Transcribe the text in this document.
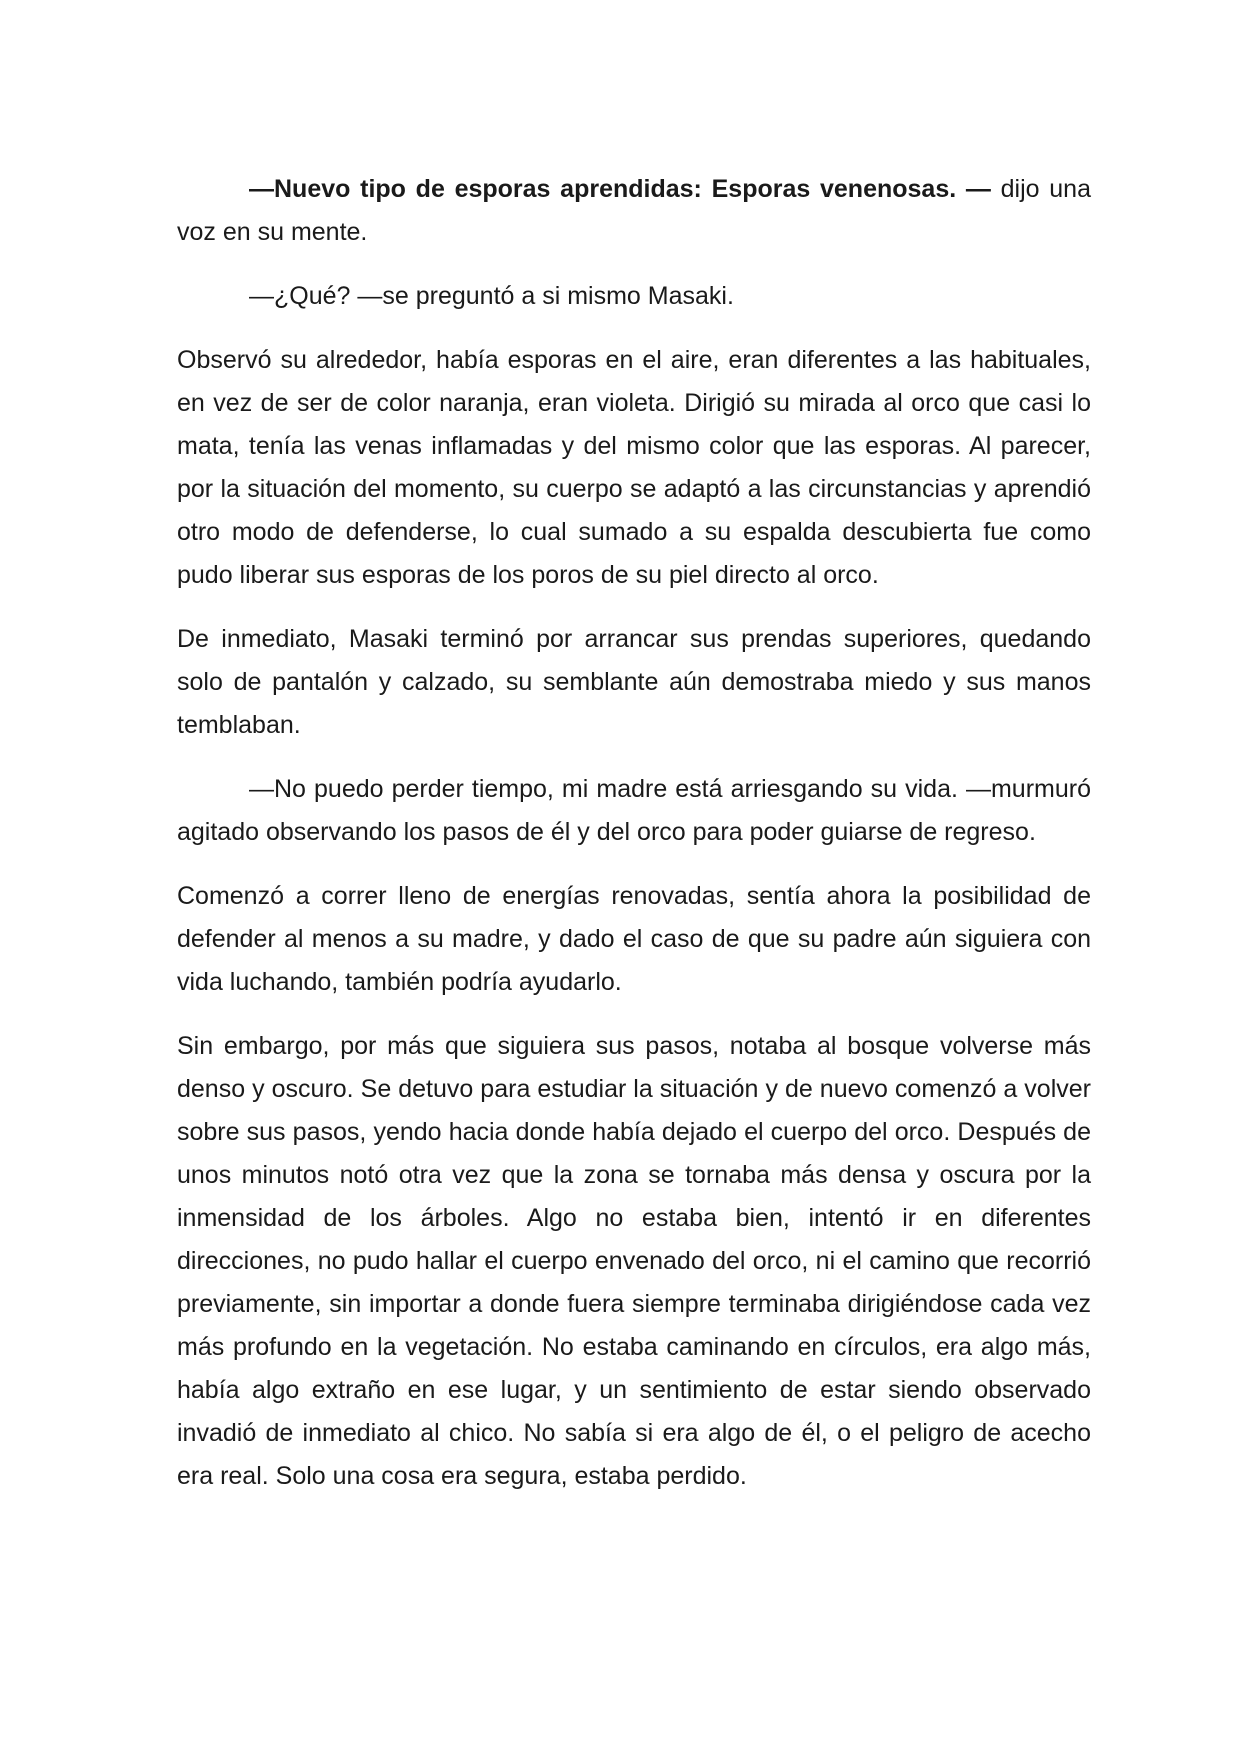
—Nuevo tipo de esporas aprendidas: Esporas venenosas. — dijo una voz en su mente.

—¿Qué? —se preguntó a si mismo Masaki.

Observó su alrededor, había esporas en el aire, eran diferentes a las habituales, en vez de ser de color naranja, eran violeta. Dirigió su mirada al orco que casi lo mata, tenía las venas inflamadas y del mismo color que las esporas. Al parecer, por la situación del momento, su cuerpo se adaptó a las circunstancias y aprendió otro modo de defenderse, lo cual sumado a su espalda descubierta fue como pudo liberar sus esporas de los poros de su piel directo al orco.

De inmediato, Masaki terminó por arrancar sus prendas superiores, quedando solo de pantalón y calzado, su semblante aún demostraba miedo y sus manos temblaban.

—No puedo perder tiempo, mi madre está arriesgando su vida. —murmuró agitado observando los pasos de él y del orco para poder guiarse de regreso.

Comenzó a correr lleno de energías renovadas, sentía ahora la posibilidad de defender al menos a su madre, y dado el caso de que su padre aún siguiera con vida luchando, también podría ayudarlo.

Sin embargo, por más que siguiera sus pasos, notaba al bosque volverse más denso y oscuro. Se detuvo para estudiar la situación y de nuevo comenzó a volver sobre sus pasos, yendo hacia donde había dejado el cuerpo del orco. Después de unos minutos notó otra vez que la zona se tornaba más densa y oscura por la inmensidad de los árboles. Algo no estaba bien, intentó ir en diferentes direcciones, no pudo hallar el cuerpo envenado del orco, ni el camino que recorrió previamente, sin importar a donde fuera siempre terminaba dirigiéndose cada vez más profundo en la vegetación. No estaba caminando en círculos, era algo más, había algo extraño en ese lugar, y un sentimiento de estar siendo observado invadió de inmediato al chico. No sabía si era algo de él, o el peligro de acecho era real. Solo una cosa era segura, estaba perdido.
